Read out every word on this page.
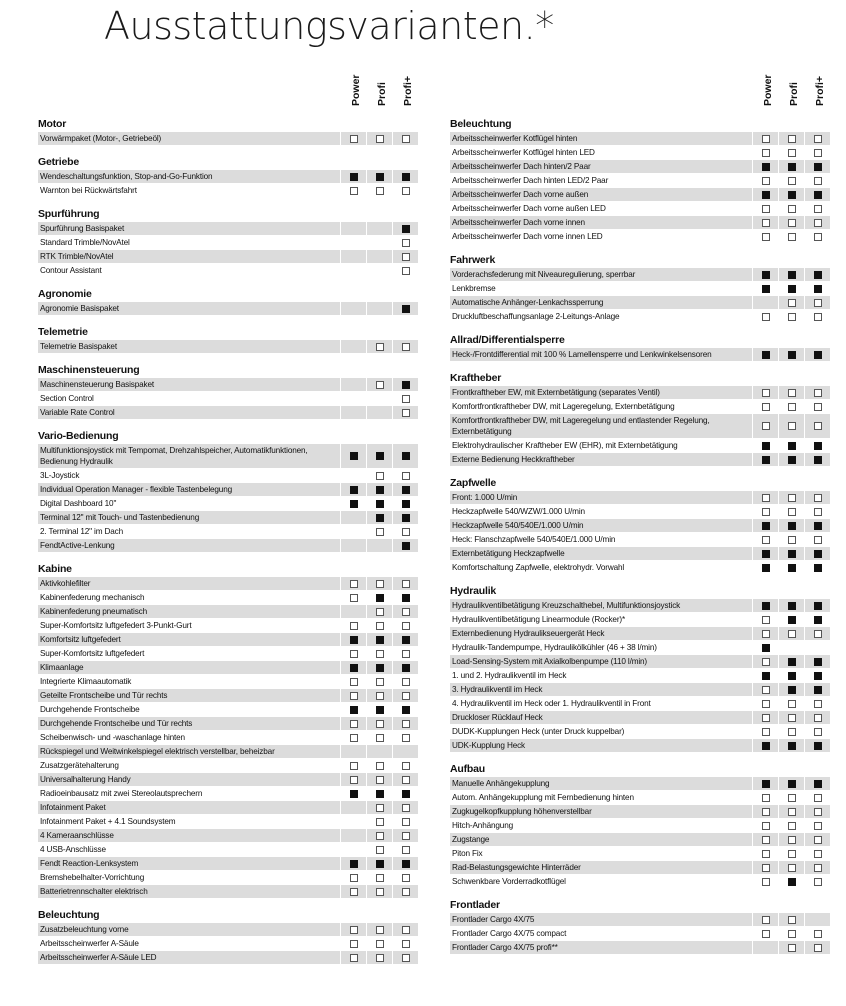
Ausstattungsvarianten.*
Power Profi Profi+
Motor
Vorwärmpaket (Motor-, Getriebeöl)
Getriebe
Wendeschaltungsfunktion, Stop-and-Go-Funktion
Warnton bei Rückwärtsfahrt
Spurführung
Spurführung Basispaket
Standard Trimble/NovAtel
RTK Trimble/NovAtel
Contour Assistant
Agronomie
Agronomie Basispaket
Telemetrie
Telemetrie Basispaket
Maschinensteuerung
Maschinensteuerung Basispaket
Section Control
Variable Rate Control
Vario-Bedienung
Multifunktionsjoystick mit Tempomat, Drehzahlspeicher, Automatikfunktionen, Bedienung Hydraulik
3L-Joystick
Individual Operation Manager - flexible Tastenbelegung
Digital Dashboard 10"
Terminal 12" mit Touch- und Tastenbedienung
2. Terminal 12" im Dach
FendtActive-Lenkung
Kabine
Aktivkohlefilter
Kabinenfederung mechanisch
Kabinenfederung pneumatisch
Super-Komfortsitz luftgefedert 3-Punkt-Gurt
Komfortsitz luftgefedert
Super-Komfortsitz luftgefedert
Klimaanlage
Integrierte Klimaautomatik
Geteilte Frontscheibe und Tür rechts
Durchgehende Frontscheibe
Durchgehende Frontscheibe und Tür rechts
Scheibenwisch- und -waschanlage hinten
Rückspiegel und Weitwinkelspiegel elektrisch verstellbar, beheizbar
Zusatzgerätehalterung
Universalhalterung Handy
Radioeinbausatz mit zwei Stereolautsprechern
Infotainment Paket
Infotainment Paket + 4.1 Soundsystem
4 Kameraanschlüsse
4 USB-Anschlüsse
Fendt Reaction-Lenksystem
Bremshebelhalter-Vorrichtung
Batterietrennschalter elektrisch
Beleuchtung
Zusatzbeleuchtung vorne
Arbeitsscheinwerfer A-Säule
Arbeitsscheinwerfer A-Säule LED
Power Profi Profi+
Beleuchtung
Arbeitsscheinwerfer Kotflügel hinten
Arbeitsscheinwerfer Kotflügel hinten LED
Arbeitsscheinwerfer Dach hinten/2 Paar
Arbeitsscheinwerfer Dach hinten LED/2 Paar
Arbeitsscheinwerfer Dach vorne außen
Arbeitsscheinwerfer Dach vorne außen LED
Arbeitsscheinwerfer Dach vorne innen
Arbeitsscheinwerfer Dach vorne innen LED
Fahrwerk
Vorderachsfederung mit Niveauregulierung, sperrbar
Lenkbremse
Automatische Anhänger-Lenkachssperrung
Druckluftbeschaffungsanlage 2-Leitungs-Anlage
Allrad/Differentialsperre
Heck-/Frontdifferential mit 100 % Lamellensperre und Lenkwinkelsensoren
Kraftheber
Frontkraftheber EW, mit Externbetätigung (separates Ventil)
Komfortfrontkraftheber DW, mit Lageregelung, Externbetätigung
Komfortfrontkraftheber DW, mit Lageregelung und entlastender Regelung, Externbetätigung
Elektrohydraulischer Kraftheber EW (EHR), mit Externbetätigung
Externe Bedienung Heckkraftheber
Zapfwelle
Front: 1.000 U/min
Heckzapfwelle 540/WZW/1.000 U/min
Heckzapfwelle 540/540E/1.000 U/min
Heck: Flanschzapfwelle 540/540E/1.000 U/min
Externbetätigung Heckzapfwelle
Komfortschaltung Zapfwelle, elektrohydr. Vorwahl
Hydraulik
Hydraulikventilbetätigung Kreuzschalthebel, Multifunktionsjoystick
Hydraulikventilbetätigung Linearmodule (Rocker)*
Externbedienung Hydraulikseuergerät Heck
Hydraulik-Tandempumpe, Hydraulikölkühler (46 + 38 l/min)
Load-Sensing-System mit Axialkolbenpumpe (110 l/min)
1. und 2. Hydraulikventil im Heck
3. Hydraulikventil im Heck
4. Hydraulikventil im Heck oder 1. Hydraulikventil in Front
Druckloser Rücklauf Heck
DUDK-Kupplungen Heck (unter Druck kuppelbar)
UDK-Kupplung Heck
Aufbau
Manuelle Anhängekupplung
Autom. Anhängekupplung mit Fernbedienung hinten
Zugkugelkopfkupplung höhenverstellbar
Hitch-Anhängung
Zugstange
Piton Fix
Rad-Belastungsgewichte Hinterräder
Schwenkbare Vorderradkotflügel
Frontlader
Frontlader Cargo 4X/75
Frontlader Cargo 4X/75 compact
Frontlader Cargo 4X/75 profi**
